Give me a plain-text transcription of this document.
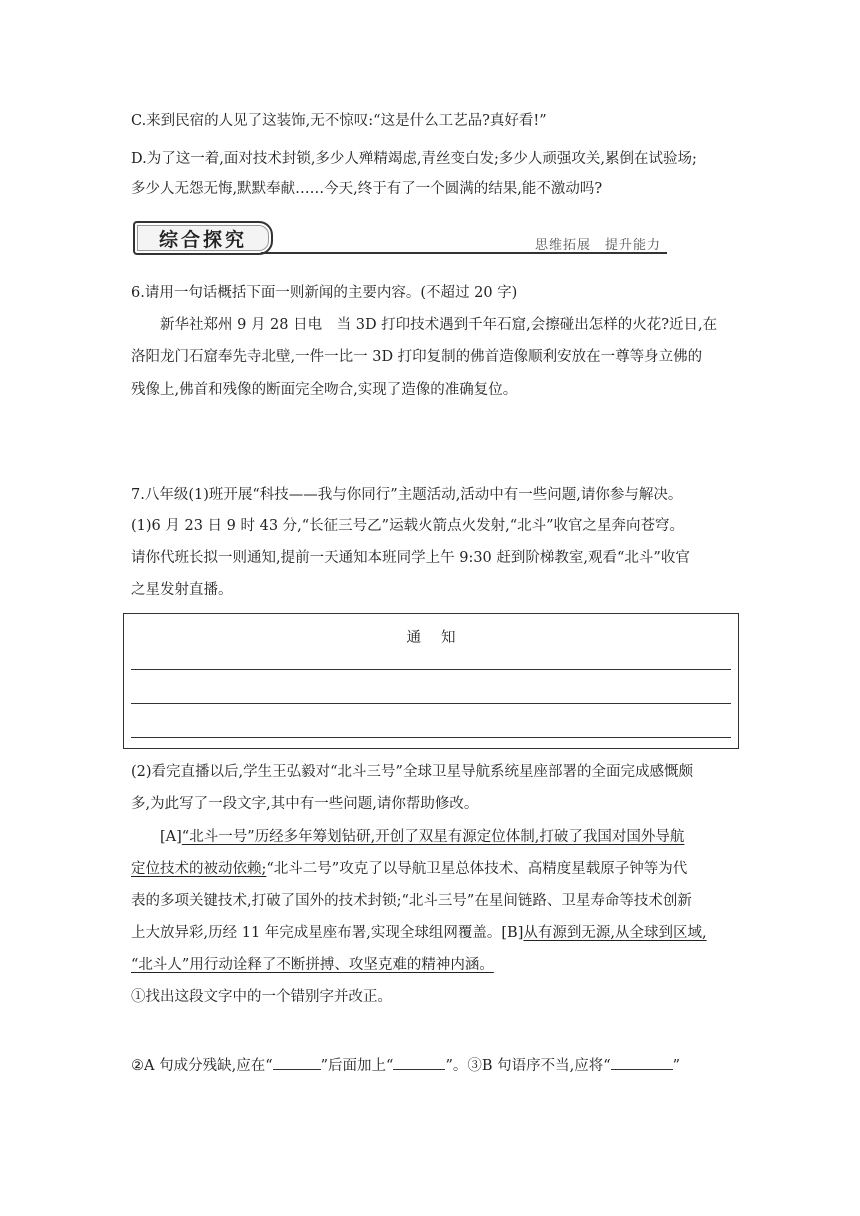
C.来到民宿的人见了这装饰,无不惊叹:“这是什么工艺品?真好看!”
D.为了这一着,面对技术封锁,多少人殚精竭虑,青丝变白发;多少人顽强攻关,累倒在试验场;
多少人无怨无悔,默默奉献……今天,终于有了一个圆满的结果,能不激动吗?
综合探究	思维拓展 提升能力
6.请用一句话概括下面一则新闻的主要内容。(不超过 20 字)
新华社郑州 9 月 28 日电　当 3D 打印技术遇到千年石窟,会擦碰出怎样的火花?近日,在
洛阳龙门石窟奉先寺北壁,一件一比一 3D 打印复制的佛首造像顺利安放在一尊等身立佛的
残像上,佛首和残像的断面完全吻合,实现了造像的准确复位。
7.八年级(1)班开展“科技——我与你同行”主题活动,活动中有一些问题,请你参与解决。
(1)6 月 23 日 9 时 43 分,“长征三号乙”运载火箭点火发射,“北斗”收官之星奔向苍穹。
请你代班长拟一则通知,提前一天通知本班同学上午 9:30 赶到阶梯教室,观看“北斗”收官
之星发射直播。
通知
(2)看完直播以后,学生王弘毅对“北斗三号”全球卫星导航系统星座部署的全面完成感慨颇
多,为此写了一段文字,其中有一些问题,请你帮助修改。
[A]“北斗一号”历经多年筹划钻研,开创了双星有源定位体制,打破了我国对国外导航
定位技术的被动依赖;“北斗二号”攻克了以导航卫星总体技术、高精度星载原子钟等为代
表的多项关键技术,打破了国外的技术封锁;“北斗三号”在星间链路、卫星寿命等技术创新
上大放异彩,历经 11 年完成星座布署,实现全球组网覆盖。[B]从有源到无源,从全球到区域,
“北斗人”用行动诠释了不断拼搏、攻坚克难的精神内涵。
①找出这段文字中的一个错别字并改正。
②A 句成分残缺,应在“	”后面加上“	”。③B 句语序不当,应将“	”
